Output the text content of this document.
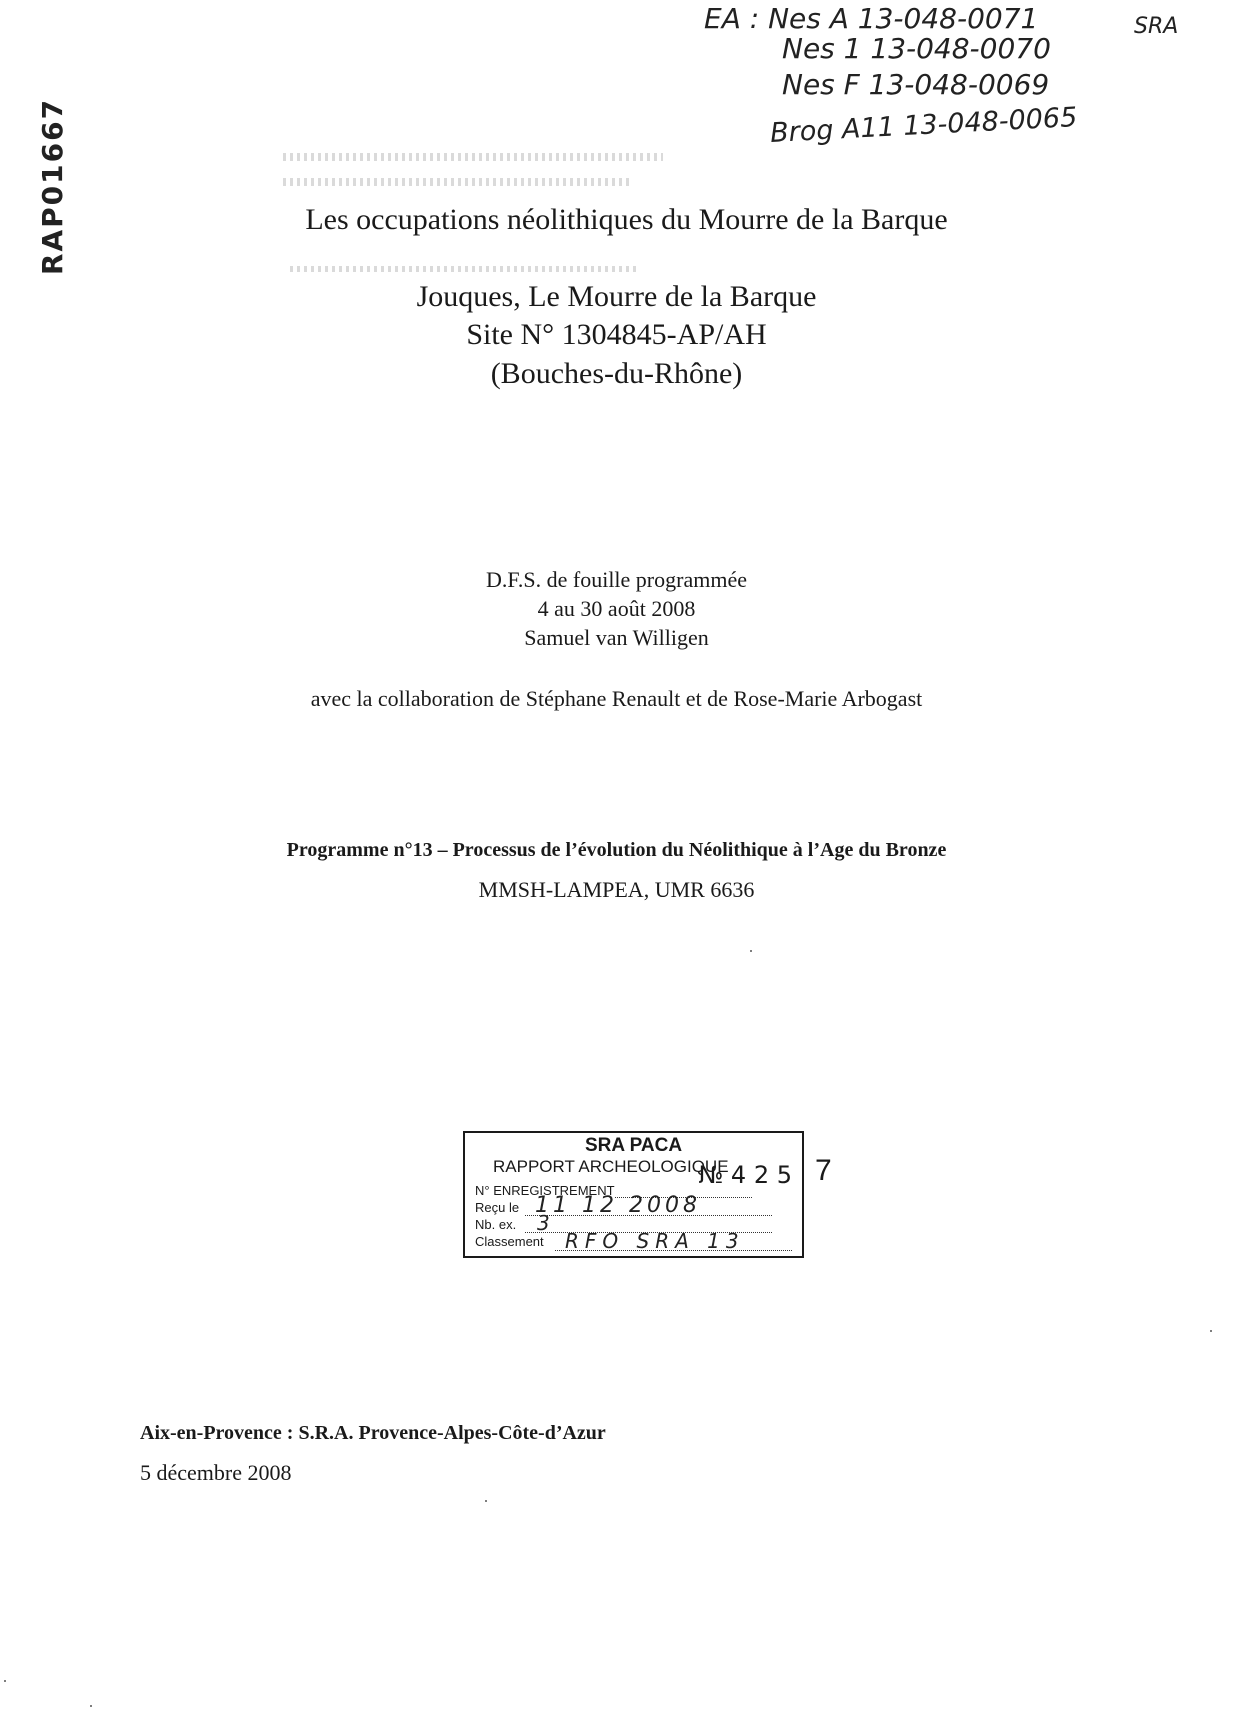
EA : Nes A 13-048-0071
Nes 1 13-048-0070
Nes F 13-048-0069
Brog A11 13-048-0065
SRA
RAP01667	Les occupations néolithiques du Mourre de la Barque
Jouques, Le Mourre de la Barque
Site N° 1304845-AP/AH
(Bouches-du-Rhône)
D.F.S. de fouille programmée
4 au 30 août 2008
Samuel van Willigen
avec la collaboration de Stéphane Renault et de Rose-Marie Arbogast
Programme n°13 – Processus de l’évolution du Néolithique à l’Age du Bronze
MMSH-LAMPEA, UMR 6636
SRA PACA
RAPPORT ARCHEOLOGIQUE
№ 4 2 5
N° ENREGISTREMENT
Reçu le 11 12 2008
Nb. ex. 3
Classement RFO SRA 13
7
Aix-en-Provence : S.R.A. Provence-Alpes-Côte-d’Azur
5 décembre 2008
